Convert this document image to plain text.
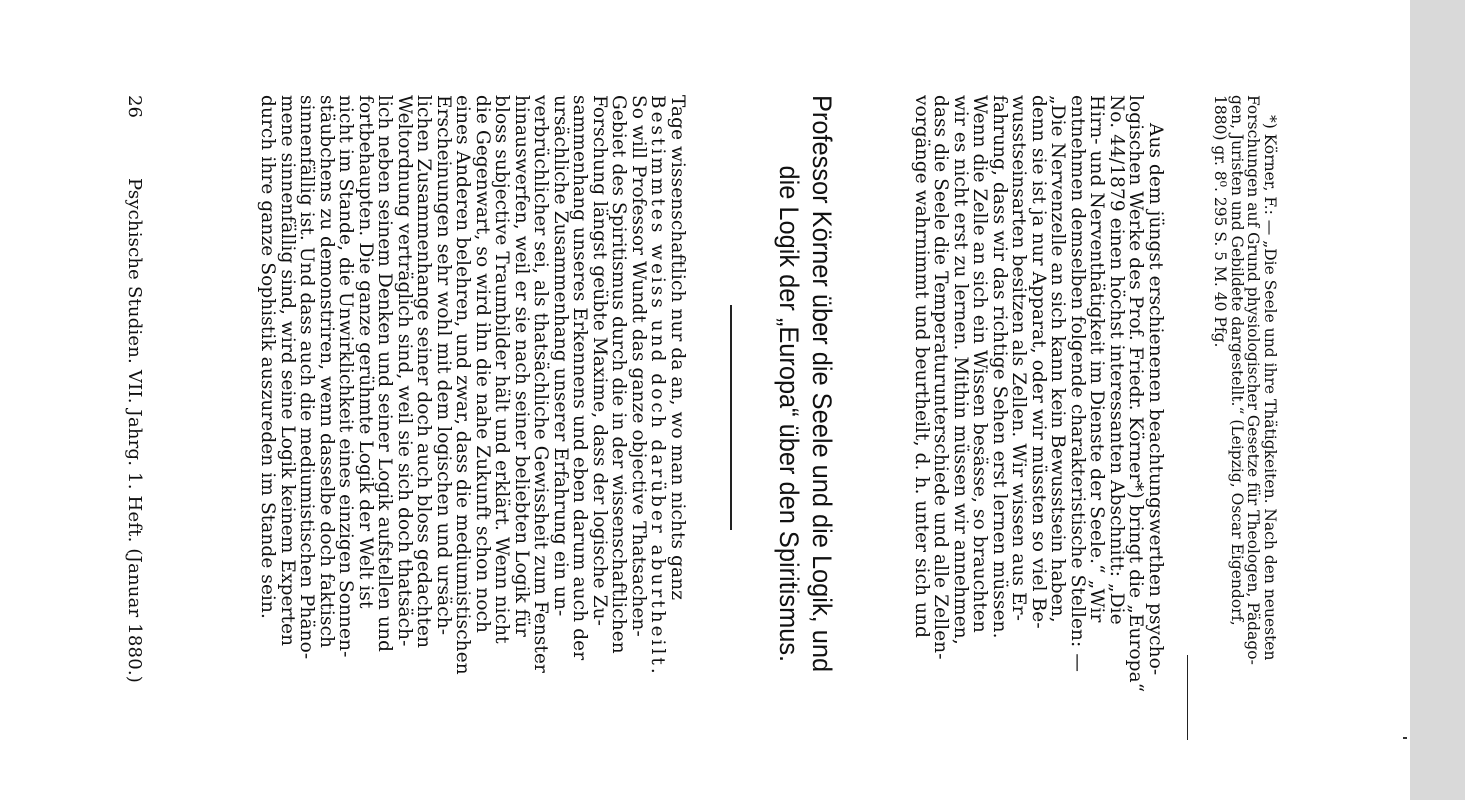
26
Psychische Studien. VII. Jahrg. 1. Heft. (Januar 1880.)	Tage wissenschaftlich nur da an, wo man nichts ganz
Bestimmtes weiss und doch darüber aburtheilt.
So will Professor Wundt das ganze objective Thatsachen-
Gebiet des Spiritismus durch die in der wissenschaftlichen
Forschung längst geübte Maxime, dass der logische Zu-
sammenhang unseres Erkennens und eben darum auch der
ursächliche Zusammenhang unserer Erfahrung ein un-
verbrüchlicher sei, als thatsächliche Gewissheit zum Fenster
hinauswerfen, weil er sie nach seiner beliebten Logik für
bloss subjective Traumbilder hält und erklärt. Wenn nicht
die Gegenwart, so wird ihn die nahe Zukunft schon noch
eines Anderen belehren, und zwar, dass die mediumistischen
Erscheinungen sehr wohl mit dem logischen und ursäch-
lichen Zusammenhange seiner doch auch bloss gedachten
Weltordnung verträglich sind, weil sie sich doch thatsäch-
lich neben seinem Denken und seiner Logik aufstellen und
fortbehaupten. Die ganze gerühmte Logik der Welt ist
nicht im Stande, die Unwirklichkeit eines einzigen Sonnen-
stäubchens zu demonstriren, wenn dasselbe doch faktisch
sinnenfällig ist. Und dass auch die mediumistischen Phäno-
mene sinnenfällig sind, wird seine Logik keinem Experten
durch ihre ganze Sophistik auszureden im Stande sein.	Professor Körner über die Seele und die Logik, und
die Logik der „Europa“ über den Spiritismus.	Aus dem jüngst erschienenen beachtungswerthen psycho-
logischen Werke des Prof. Friedr. Körner*) bringt die „Europa“
No. 44/1879 einen höchst interessanten Abschnitt: „Die
Hirn- und Nerventhätigkeit im Dienste der Seele.“ „Wir
entnehmen demselben folgende charakteristische Stellen: —
„Die Nervenzelle an sich kann kein Bewusstsein haben,
denn sie ist ja nur Apparat, oder wir müssten so viel Be-
wusstseinsarten besitzen als Zellen. Wir wissen aus Er-
fahrung, dass wir das richtige Sehen erst lernen müssen.
Wenn die Zelle an sich ein Wissen besässe, so brauchten
wir es nicht erst zu lernen. Mithin müssen wir annehmen,
dass die Seele die Temperaturunterschiede und alle Zellen-
vorgänge wahrnimmt und beurtheilt, d. h. unter sich und	*) Körner, F.: — „Die Seele und ihre Thätigkeiten. Nach den neuesten
Forschungen auf Grund physiologischer Gesetze für Theologen, Pädago-
gen, Juristen und Gebildete dargestellt.“ (Leipzig, Oscar Eigendorf,
1880) gr. 8⁰. 295 S. 5 M. 40 Pfg.
